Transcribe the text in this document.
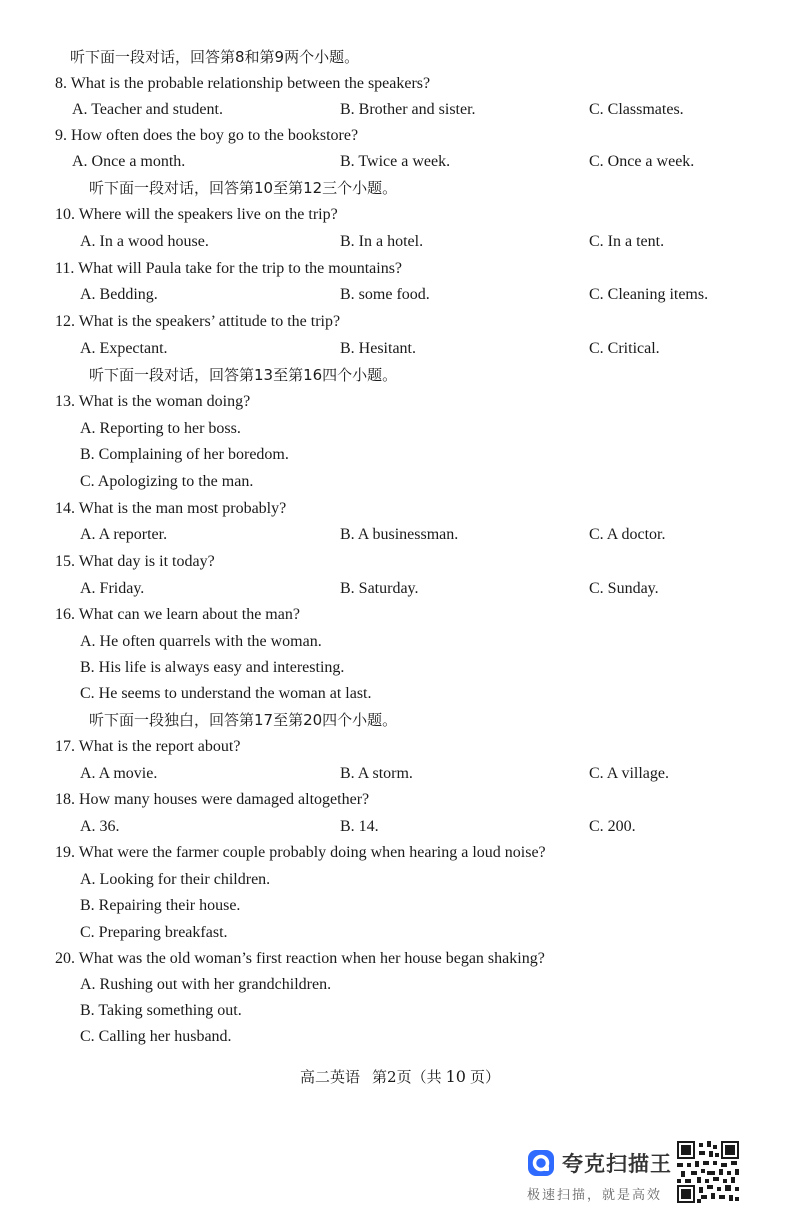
听下面一段对话，回答第8和第9两个小题。
8. What is the probable relationship between the speakers?
A. Teacher and student.	B. Brother and sister.	C. Classmates.
9. How often does the boy go to the bookstore?
A. Once a month.	B. Twice a week.	C. Once a week.
听下面一段对话，回答第10至第12三个小题。
10. Where will the speakers live on the trip?
A. In a wood house.	B. In a hotel.	C. In a tent.
11. What will Paula take for the trip to the mountains?
A. Bedding.	B. some food.	C. Cleaning items.
12. What is the speakers’ attitude to the trip?
A. Expectant.	B. Hesitant.	C. Critical.
听下面一段对话，回答第13至第16四个小题。
13. What is the woman doing?
A. Reporting to her boss.
B. Complaining of her boredom.
C. Apologizing to the man.
14. What is the man most probably?
A. A reporter.	B. A businessman.	C. A doctor.
15. What day is it today?
A. Friday.	B. Saturday.	C. Sunday.
16. What can we learn about the man?
A. He often quarrels with the woman.
B. His life is always easy and interesting.
C. He seems to understand the woman at last.
听下面一段独白，回答第17至第20四个小题。
17. What is the report about?
A. A movie.	B. A storm.	C. A village.
18. How many houses were damaged altogether?
A. 36.	B. 14.	C. 200.
19. What were the farmer couple probably doing when hearing a loud noise?
A. Looking for their children.
B. Repairing their house.
C. Preparing breakfast.
20. What was the old woman’s first reaction when her house began shaking?
A. Rushing out with her grandchildren.
B. Taking something out.
C. Calling her husband.
高二英语 第2页（共 10 页）
夸克扫描王
极速扫描，就是高效
